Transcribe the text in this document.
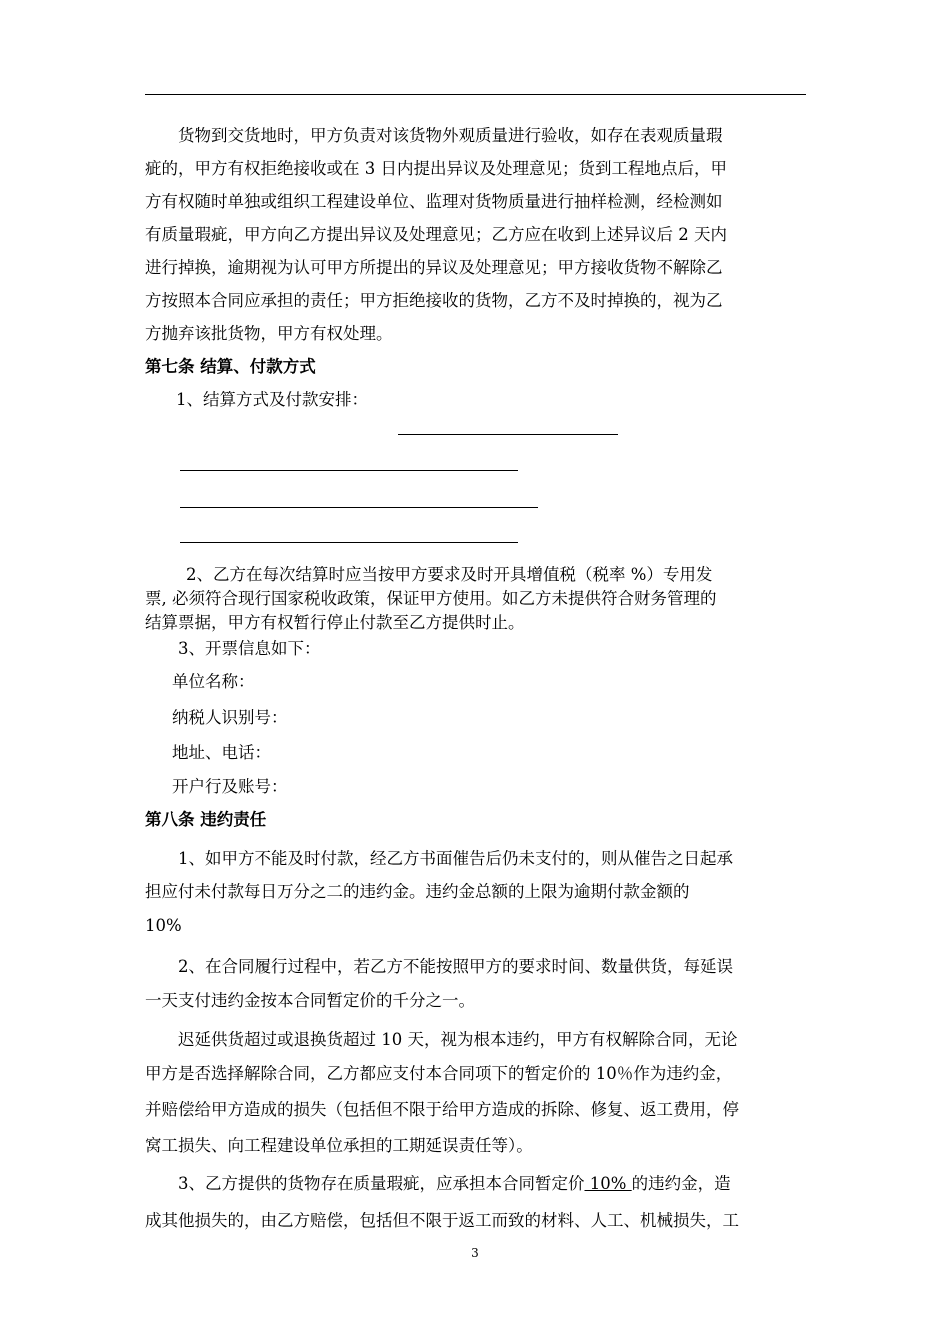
货物到交货地时，甲方负责对该货物外观质量进行验收，如存在表观质量瑕
疵的，甲方有权拒绝接收或在 3 日内提出异议及处理意见；货到工程地点后，甲
方有权随时单独或组织工程建设单位、监理对货物质量进行抽样检测，经检测如
有质量瑕疵，甲方向乙方提出异议及处理意见；乙方应在收到上述异议后 2 天内
进行掉换，逾期视为认可甲方所提出的异议及处理意见；甲方接收货物不解除乙
方按照本合同应承担的责任；甲方拒绝接收的货物，乙方不及时掉换的，视为乙
方抛弃该批货物，甲方有权处理。
第七条 结算、付款方式
1、结算方式及付款安排：
2、乙方在每次结算时应当按甲方要求及时开具增值税（税率 %）专用发
票, 必须符合现行国家税收政策，保证甲方使用。如乙方未提供符合财务管理的
结算票据，甲方有权暂行停止付款至乙方提供时止。
3、开票信息如下：
单位名称：
纳税人识别号：
地址、电话：
开户行及账号：
第八条 违约责任
1、如甲方不能及时付款，经乙方书面催告后仍未支付的，则从催告之日起承
担应付未付款每日万分之二的违约金。违约金总额的上限为逾期付款金额的
10%
2、在合同履行过程中，若乙方不能按照甲方的要求时间、数量供货，每延误
一天支付违约金按本合同暂定价的千分之一。
迟延供货超过或退换货超过 10 天，视为根本违约，甲方有权解除合同，无论
甲方是否选择解除合同，乙方都应支付本合同项下的暂定价的 10％作为违约金，
并赔偿给甲方造成的损失（包括但不限于给甲方造成的拆除、修复、返工费用，停
窝工损失、向工程建设单位承担的工期延误责任等）。
3、乙方提供的货物存在质量瑕疵，应承担本合同暂定价 10% 的违约金，造
成其他损失的，由乙方赔偿，包括但不限于返工而致的材料、人工、机械损失，工
3
